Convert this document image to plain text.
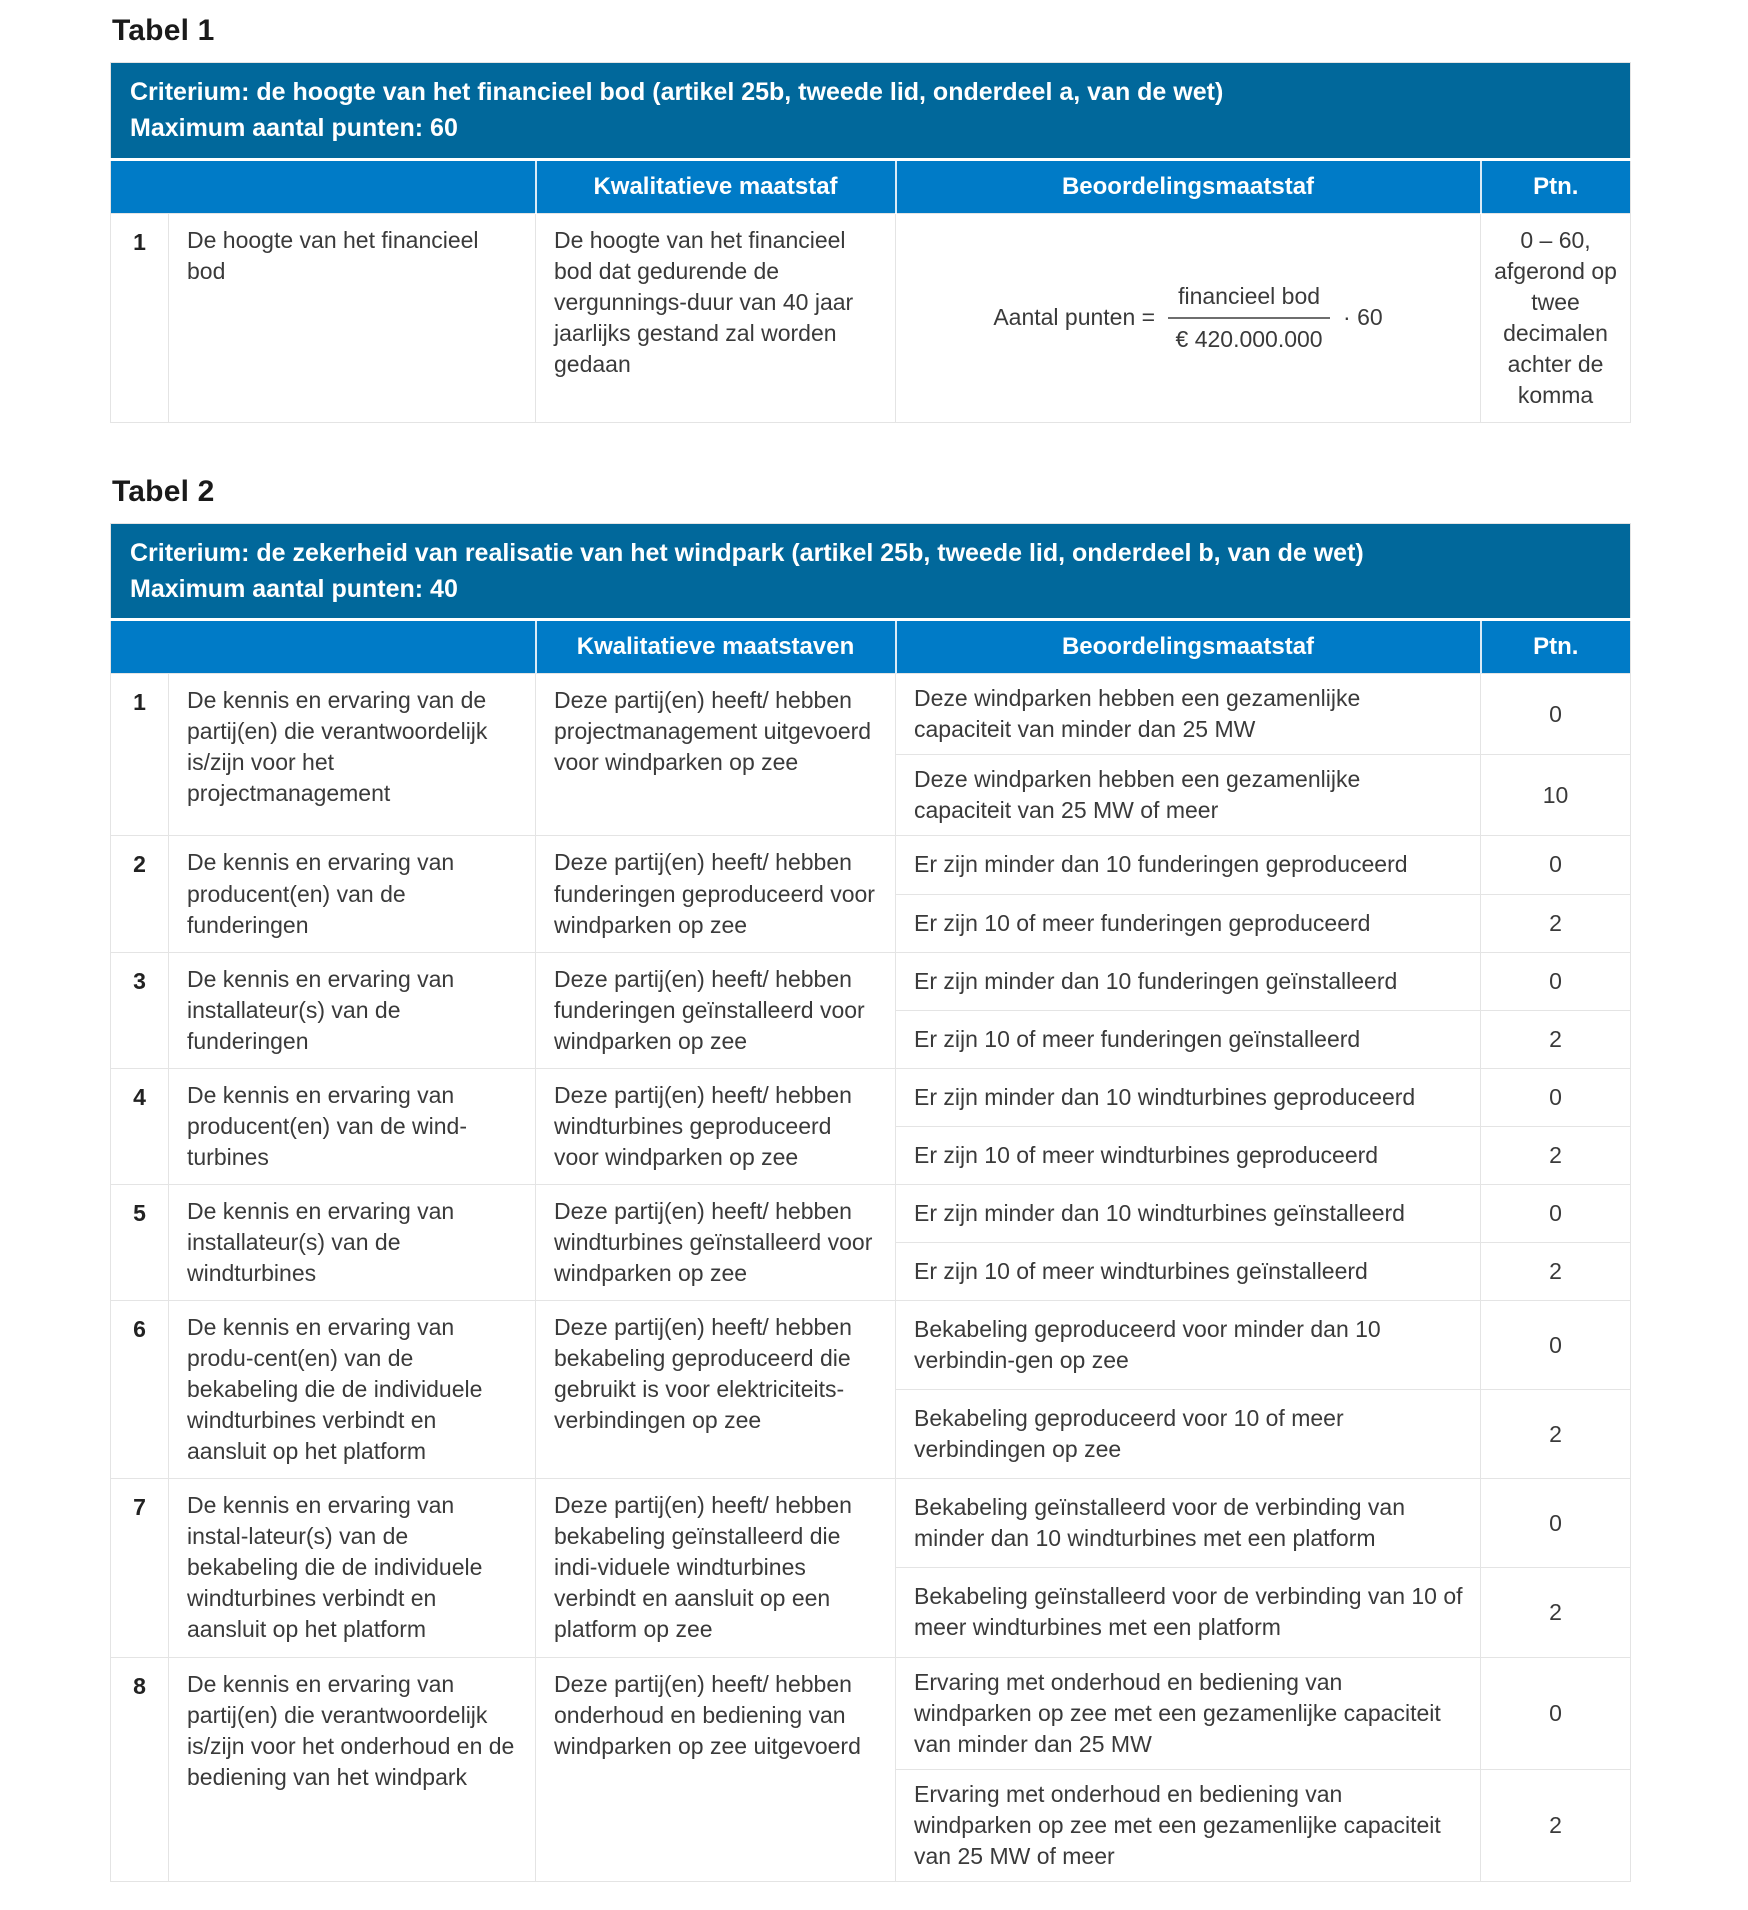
Tabel 1
Criterium: de hoogte van het financieel bod (artikel 25b, tweede lid, onderdeel a, van de wet)
Maximum aantal punten: 60				

		Kwalitatieve maatstaf	Beoordelingsmaatstaf	Ptn.
1	De hoogte van het financieel bod	De hoogte van het financieel bod dat gedurende de vergunnings-duur van 40 jaar jaarlijks gestand zal worden gedaan	Aantal punten = $\frac{\text{financieel bod}}{€ 420.000.000} \cdot 60$	0 – 60, afgerond op twee decimalen achter de komma
Tabel 2
Criterium: de zekerheid van realisatie van het windpark (artikel 25b, tweede lid, onderdeel b, van de wet)
Maximum aantal punten: 40				

		Kwalitatieve maatstaven	Beoordelingsmaatstaf	Ptn.
1	De kennis en ervaring van de partij(en) die verantwoordelijk is/zijn voor het projectmanagement	Deze partij(en) heeft/ hebben projectmanagement uitgevoerd voor windparken op zee	Deze windparken hebben een gezamenlijke capaciteit van minder dan 25 MW	0
			Deze windparken hebben een gezamenlijke capaciteit van 25 MW of meer	10
2	De kennis en ervaring van producent(en) van de funderingen	Deze partij(en) heeft/ hebben funderingen geproduceerd voor windparken op zee	Er zijn minder dan 10 funderingen geproduceerd	0
			Er zijn 10 of meer funderingen geproduceerd	2
3	De kennis en ervaring van installateur(s) van de funderingen	Deze partij(en) heeft/ hebben funderingen geïnstalleerd voor windparken op zee	Er zijn minder dan 10 funderingen geïnstalleerd	0
			Er zijn 10 of meer funderingen geïnstalleerd	2
4	De kennis en ervaring van producent(en) van de wind-turbines	Deze partij(en) heeft/ hebben windturbines geproduceerd voor windparken op zee	Er zijn minder dan 10 windturbines geproduceerd	0
			Er zijn 10 of meer windturbines geproduceerd	2
5	De kennis en ervaring van installateur(s) van de windturbines	Deze partij(en) heeft/ hebben windturbines geïnstalleerd voor windparken op zee	Er zijn minder dan 10 windturbines geïnstalleerd	0
			Er zijn 10 of meer windturbines geïnstalleerd	2
6	De kennis en ervaring van produ-cent(en) van de bekabeling die de individuele windturbines verbindt en aansluit op het platform	Deze partij(en) heeft/ hebben bekabeling geproduceerd die gebruikt is voor elektriciteits-verbindingen op zee	Bekabeling geproduceerd voor minder dan 10 verbindin-gen op zee	0
			Bekabeling geproduceerd voor 10 of meer verbindingen op zee	2
7	De kennis en ervaring van instal-lateur(s) van de bekabeling die de individuele windturbines verbindt en aansluit op het platform	Deze partij(en) heeft/ hebben bekabeling geïnstalleerd die indi-viduele windturbines verbindt en aansluit op een platform op zee	Bekabeling geïnstalleerd voor de verbinding van minder dan 10 windturbines met een platform	0
			Bekabeling geïnstalleerd voor de verbinding van 10 of meer windturbines met een platform	2
8	De kennis en ervaring van partij(en) die verantwoordelijk is/zijn voor het onderhoud en de bediening van het windpark	Deze partij(en) heeft/ hebben onderhoud en bediening van windparken op zee uitgevoerd	Ervaring met onderhoud en bediening van windparken op zee met een gezamenlijke capaciteit van minder dan 25 MW	0
			Ervaring met onderhoud en bediening van windparken op zee met een gezamenlijke capaciteit van 25 MW of meer	2
